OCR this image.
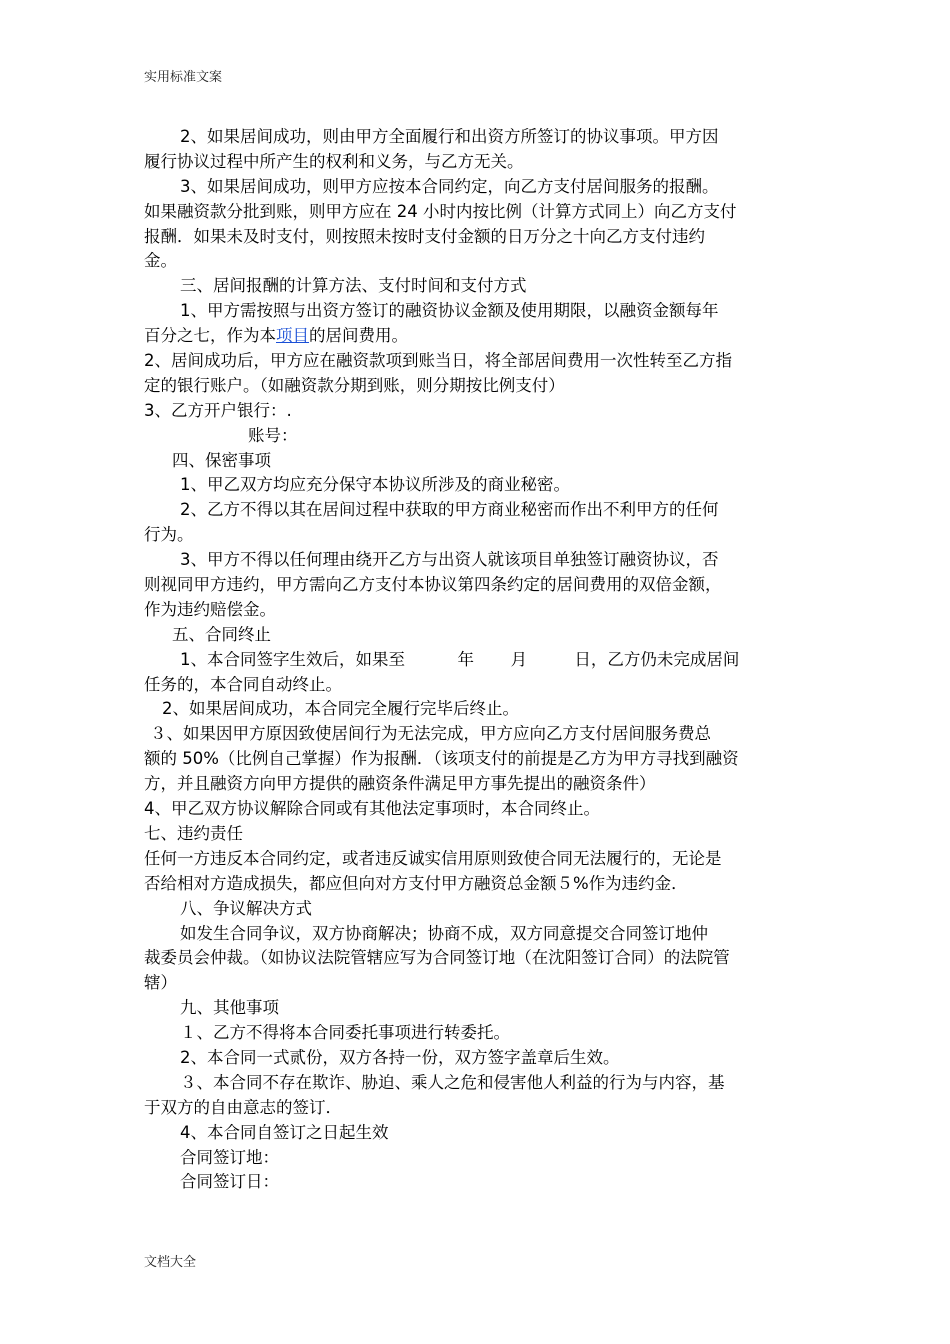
实用标准文案
2、如果居间成功，则由甲方全面履行和出资方所签订的协议事项。甲方因
履行协议过程中所产生的权利和义务，与乙方无关。
3、如果居间成功，则甲方应按本合同约定，向乙方支付居间服务的报酬。
如果融资款分批到账，则甲方应在 24 小时内按比例（计算方式同上）向乙方支付
报酬．如果未及时支付，则按照未按时支付金额的日万分之十向乙方支付违约
金。
三、居间报酬的计算方法、支付时间和支付方式
1、甲方需按照与出资方签订的融资协议金额及使用期限，以融资金额每年
百分之七，作为本项目的居间费用。
2、居间成功后，甲方应在融资款项到账当日，将全部居间费用一次性转至乙方指
定的银行账户。（如融资款分期到账，则分期按比例支付）
3、乙方开户银行：.
账号：
四、保密事项
1、甲乙双方均应充分保守本协议所涉及的商业秘密。
2、乙方不得以其在居间过程中获取的甲方商业秘密而作出不利甲方的任何
行为。
3、甲方不得以任何理由绕开乙方与出资人就该项目单独签订融资协议，否
则视同甲方违约，甲方需向乙方支付本协议第四条约定的居间费用的双倍金额，
作为违约赔偿金。
五、合同终止
1、本合同签字生效后，如果至          年       月         日，乙方仍未完成居间
任务的，本合同自动终止。
2、如果居间成功，本合同完全履行完毕后终止。
３、如果因甲方原因致使居间行为无法完成，甲方应向乙方支付居间服务费总
额的 50%（比例自己掌握）作为报酬．（该项支付的前提是乙方为甲方寻找到融资
方，并且融资方向甲方提供的融资条件满足甲方事先提出的融资条件）
4、甲乙双方协议解除合同或有其他法定事项时，本合同终止。
七、违约责任
任何一方违反本合同约定，或者违反诚实信用原则致使合同无法履行的，无论是
否给相对方造成损失，都应但向对方支付甲方融资总金额５%作为违约金．
八、争议解决方式
如发生合同争议，双方协商解决；协商不成，双方同意提交合同签订地仲
裁委员会仲裁。（如协议法院管辖应写为合同签订地（在沈阳签订合同）的法院管
辖）
九、其他事项
１、乙方不得将本合同委托事项进行转委托。
2、本合同一式贰份，双方各持一份，双方签字盖章后生效。
３、本合同不存在欺诈、胁迫、乘人之危和侵害他人利益的行为与内容，基
于双方的自由意志的签订．
4、本合同自签订之日起生效
合同签订地：
合同签订日：
文档大全
